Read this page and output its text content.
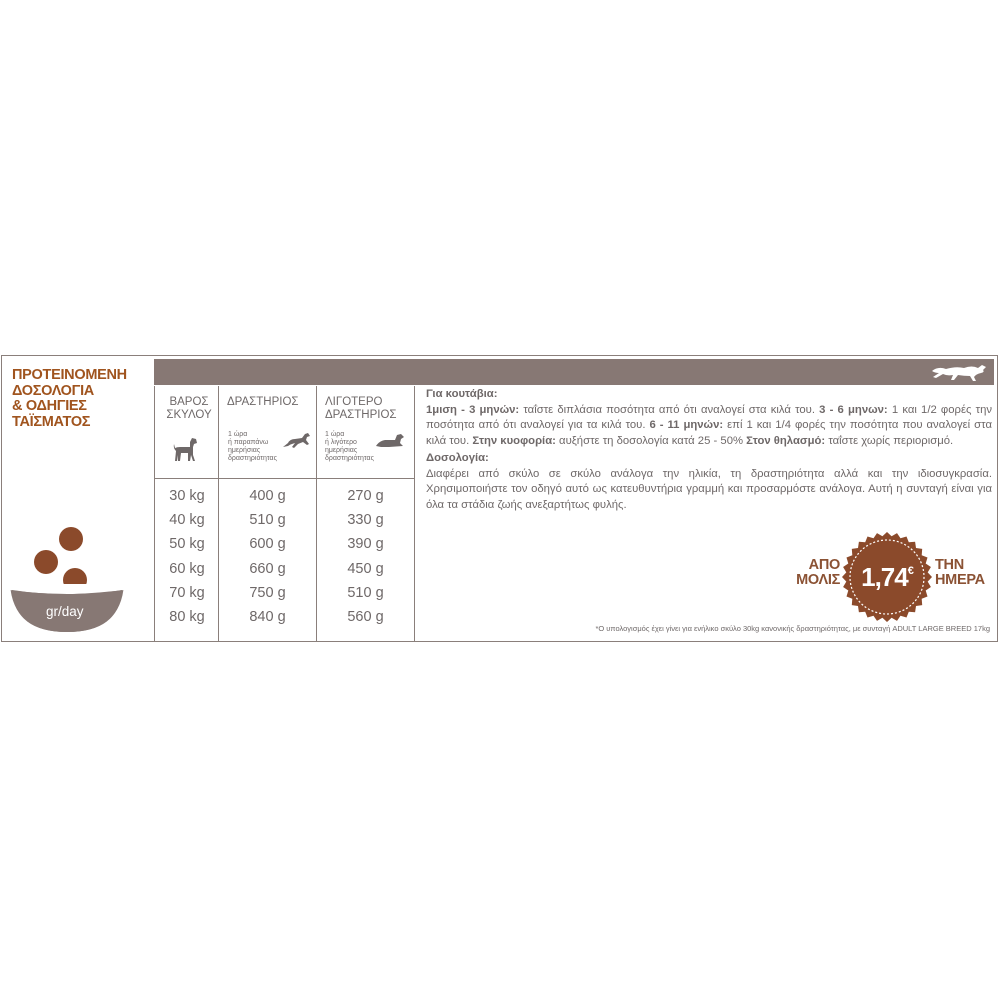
ΠΡΟΤΕΙΝΟΜΕΝΗ
ΔΟΣΟΛΟΓΙΑ
& ΟΔΗΓΙΕΣ
ΤΑΪΣΜΑΤΟΣ
gr/day
ΒΑΡΟΣ
ΣΚΥΛΟΥ
ΔΡΑΣΤΗΡΙΟΣ
1 ώρα
ή παραπάνω
ημερήσιας
δραστηριότητας
ΛΙΓΟΤΕΡΟ
ΔΡΑΣΤΗΡΙΟΣ
1 ώρα
ή λιγότερο
ημερήσιας
δραστηριότητας
30 kg
40 kg
50 kg
60 kg
70 kg
80 kg
400 g
510 g
600 g
660 g
750 g
840 g
270 g
330 g
390 g
450 g
510 g
560 g

Για κουτάβια:

1μιση - 3 μηνών: ταΐστε διπλάσια ποσότητα από ότι αναλογεί στα κιλά του. 3 - 6 μηνων: 1 και 1/2 φορές την ποσότητα από ότι αναλογεί για τα κιλά του. 6 - 11 μηνών: επί 1 και 1/4 φορές την ποσότητα που αναλογεί στα κιλά του. Στην κυοφορία: αυξήστε τη δοσολογία κατά 25 - 50% Στον θηλασμό: ταΐστε χωρίς περιορισμό.

Δοσολογία:

Διαφέρει από σκύλο σε σκύλο ανάλογα την ηλικία, τη δραστηριότητα αλλά και την ιδιοσυγκρασία. Χρησιμοποιήστε τον οδηγό αυτό ως κατευθυντήρια γραμμή και προσαρμόστε ανάλογα. Αυτή η συνταγή είναι για όλα τα στάδια ζωής ανεξαρτήτως φυλής.

ΑΠΟ
ΜΟΛΙΣ 1,74€ ΤΗΝ
ΗΜΕΡΑ
*Ο υπολογισμός έχει γίνει για ενήλικο σκύλο 30kg κανονικής δραστηριότητας, με συνταγή ADULT LARGE BREED 17kg
